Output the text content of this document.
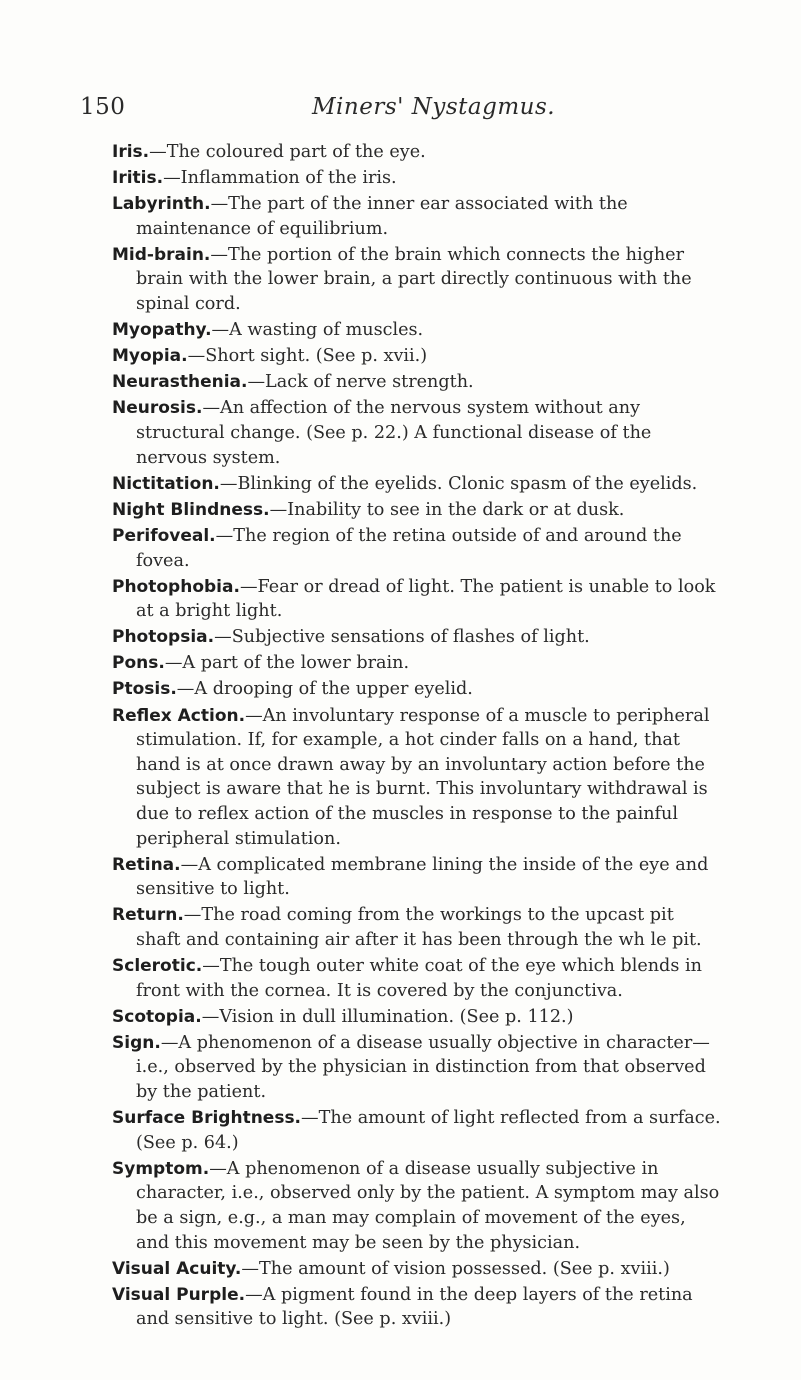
150	Miners' Nystagmus.

Iris.—The coloured part of the eye.

Iritis.—Inflammation of the iris.

Labyrinth.—The part of the inner ear associated with the maintenance of equilibrium.

Mid-brain.—The portion of the brain which connects the higher brain with the lower brain, a part directly continuous with the spinal cord.

Myopathy.—A wasting of muscles.

Myopia.—Short sight. (See p. xvii.)

Neurasthenia.—Lack of nerve strength.

Neurosis.—An affection of the nervous system without any structural change. (See p. 22.) A functional disease of the nervous system.

Nictitation.—Blinking of the eyelids. Clonic spasm of the eyelids.

Night Blindness.—Inability to see in the dark or at dusk.

Perifoveal.—The region of the retina outside of and around the fovea.

Photophobia.—Fear or dread of light. The patient is unable to look at a bright light.

Photopsia.—Subjective sensations of flashes of light.

Pons.—A part of the lower brain.

Ptosis.—A drooping of the upper eyelid.

Reflex Action.—An involuntary response of a muscle to peripheral stimulation. If, for example, a hot cinder falls on a hand, that hand is at once drawn away by an involuntary action before the subject is aware that he is burnt. This involuntary withdrawal is due to reflex action of the muscles in response to the painful peripheral stimulation.

Retina.—A complicated membrane lining the inside of the eye and sensitive to light.

Return.—The road coming from the workings to the upcast pit shaft and containing air after it has been through the wh le pit.

Sclerotic.—The tough outer white coat of the eye which blends in front with the cornea. It is covered by the conjunctiva.

Scotopia.—Vision in dull illumination. (See p. 112.)

Sign.—A phenomenon of a disease usually objective in character—i.e., observed by the physician in distinction from that observed by the patient.

Surface Brightness.—The amount of light reflected from a surface. (See p. 64.)

Symptom.—A phenomenon of a disease usually subjective in character, i.e., observed only by the patient. A symptom may also be a sign, e.g., a man may complain of movement of the eyes, and this movement may be seen by the physician.

Visual Acuity.—The amount of vision possessed. (See p. xviii.)

Visual Purple.—A pigment found in the deep layers of the retina and sensitive to light. (See p. xviii.)
